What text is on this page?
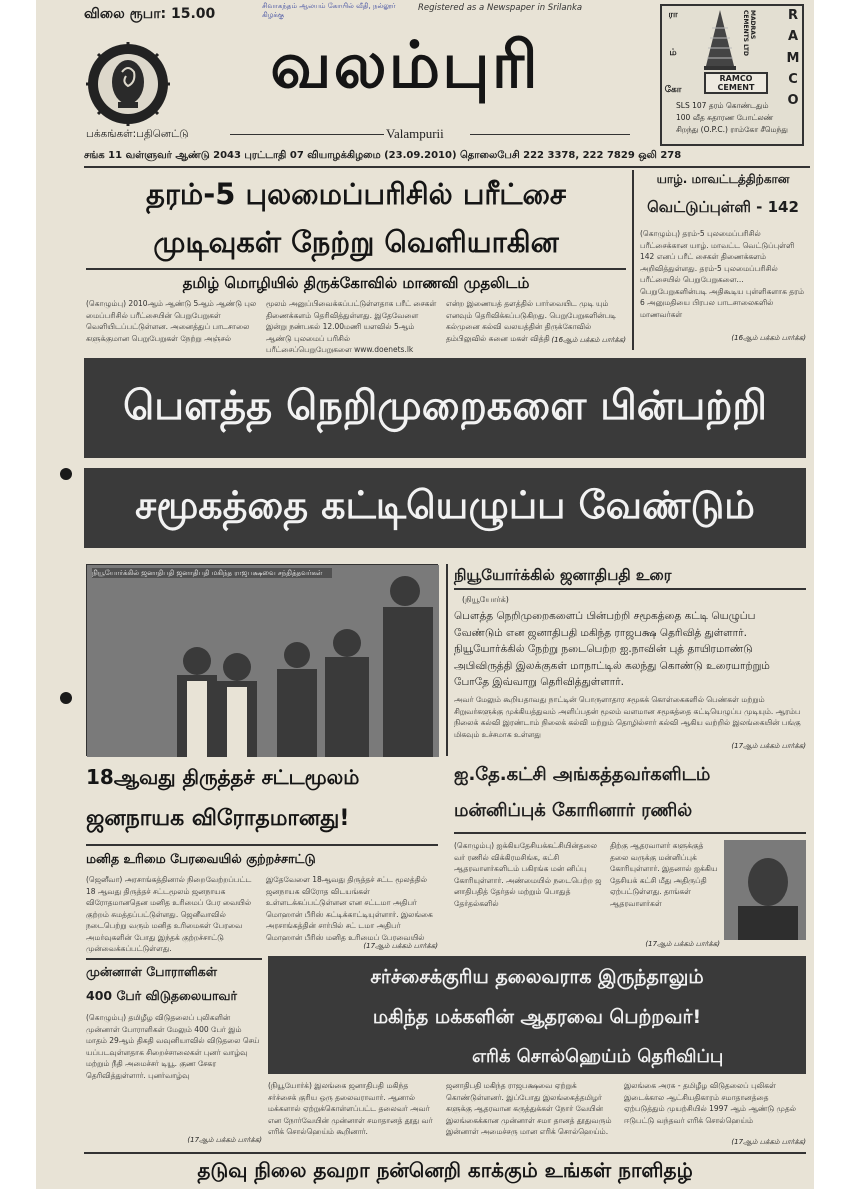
விலை ரூபா: 15.00	சிவாகந்தம் ஆலயம் கோயில் வீதி, நல்லூர் கிழக்கு
Registered as a Newspaper in Srilanka
வலம்புரி
பக்கங்கள்:பதினெட்டு	Valampurii
சங்க 11 வள்ளுவர் ஆண்டு 2043 புரட்டாதி 07 வியாழக்கிழமை (23.09.2010) தொலைபேசி 222 3378, 222 7829 ஒலி 278
R
A
M
C
O
ரா
ம்
கோ
MADRAS CEMENTS LTD
RAMCO CEMENT
SLS 107 தரம் கொண்டதும்
100 வீத சுதாரண போட்லண்
சிறந்து (O.P.C.) ராம்கோ சீமெந்து
தரம்-5 புலமைப்பரிசில் பரீட்சை
முடிவுகள் நேற்று வெளியாகின
தமிழ் மொழியில் திருக்கோவில் மாணவி முதலிடம்
(கொழும்பு) 2010ஆம் ஆண்டு 5ஆம் ஆண்டு புல மைப்பரிசில் பரீட்சையின் பெறுபேறுகள் வெளியிடப்பட்டுள்ளன. அனைத்துப் பாடசாலை களுக்குமான பெறுபேறுகள் நேற்று அஞ்சல்
மூலம் அனுப்பிவைக்கப்பட்டுள்ளதாக பரீட் சைகள் திணைக்களம் தெரிவித்துள்ளது. இதேவேளை இன்று நண்பகல் 12.00மணி யளவில் 5ஆம் ஆண்டு புலமைப் பரிசில் பரீட்சைப்பெறுபேறுகளை www.doenets.lk
என்ற இணையத் தளத்தில் பார்வையிட முடி யும் எனவும் தெரிவிக்கப்படுகிறது. பெறுபேறுகளின்படி கல்முனை கல்வி வலயத்தின் திருக்கோவில் தம்பிலுவில் சுனை மகள் வித்தி (16ஆம் பக்கம் பார்க்க)
யாழ். மாவட்டத்திற்கான
வெட்டுப்புள்ளி - 142
(கொழும்பு) தரம்-5 புலமைப்பரிசில் பரீட்சைக்கான யாழ். மாவட்ட வெட்டுப்புள்ளி 142 எனப் பரீட் சைகள் திணைக்களம் அறிவித்துள்ளது. தரம்-5 புலமைப்பரிசில் பரீட்சையில் பெறுபேறுகளை... பெறுபேறுகளின்படி அதிகூடிய புள்ளிகளாக தரம் 6 அனுமதியை பிரபல பாடசாலைகளில் மாணவர்கள்
(16ஆம் பக்கம் பார்க்க)
பௌத்த நெறிமுறைகளை பின்பற்றி
சமூகத்தை கட்டியெழுப்ப வேண்டும்
நியூயோர்க்கில் ஜனாதிபதி ஜனாதிபதி மகிந்த ராஜபக்ஷவை சந்தித்தவர்கள்	நியூயோர்க்கில் ஜனாதிபதி உரை
(நியூயோர்க்)
பௌத்த நெறிமுறைகளைப் பின்பற்றி சமூகத்தை கட்டி யெழுப்ப வேண்டும் என ஜனாதிபதி மகிந்த ராஜபக்ஷ தெரிவித் துள்ளார். நியூயோர்க்கில் நேற்று நடைபெற்ற ஐ.நாவின் புத் தாயிரமாண்டு அபிவிருத்தி இலக்குகள் மாநாட்டில் கலந்து கொண்டு உரையாற்றும் போதே இவ்வாறு தெரிவித்துள்ளார்.
அவர் மேலும் கூறியதாவது நாட்டின் பொருளாதார சமூகக் கொள்கைகளில் பெண்கள் மற்றும் சிறுவர்களுக்கு முக்கியத்துவம் அளிப்பதன் மூலம் வளமான சமூகத்தை கட்டியெழுப்ப முடியும். ஆரம்ப நிலைக் கல்வி இரண்டாம் நிலைக் கல்வி மற்றும் தொழில்சார் கல்வி ஆகிய வற்றில் இலங்கையின் பங்கு மிகவும் உச்சமாக உள்ளது
(17ஆம் பக்கம் பார்க்க)
18ஆவது திருத்தச் சட்டமூலம்
ஜனநாயக விரோதமானது!
மனித உரிமை பேரவையில் குற்றச்சாட்டு
(ஜெனீவா) அரசாங்கத்தினால் நிறைவேற்றப்பட்ட 18 ஆவது திருத்தச் சட்டமூலம் ஜனநாயக விரோதமானதென மனித உரிமைப் பேர வையில் குற்றம் சுமத்தப்பட்டுள்ளது. ஜெனீவாவில் நடைபெற்று வரும் மனித உரிமைகள் பேரவை அமர்வுகளின் போது இந்தக் குற்றச்சாட்டு முன்வைக்கப்பட்டுள்ளது.
இதேவேளை 18ஆவது திருத்தச் சட்ட மூலத்தில் ஜனநாயக விரோத விடயங்கள் உள்ளடக்கப்பட்டுள்ளன என சட்டமா அதிபர் மொஹான் பீரிஸ் சுட்டிக்காட்டியுள்ளார். இலங்கை அரசாங்கத்தின் சார்பில் சட் டமா அதிபர் மொஹான் பீரிஸ் மனித உரிமைப் பேரவையில்
(17ஆம் பக்கம் பார்க்க)
ஐ.தே.கட்சி அங்கத்தவர்களிடம்
மன்னிப்புக் கோரினார் ரணில்
(கொழும்பு) ஐக்கியதேசியக்கட்சியின்தலை வர் ரணில் விக்கிரமசிங்க, கட்சி ஆதரவாளர்களிடம் பகிரங்க மன் னிப்பு கோரியுள்ளார். அண்மையில் நடைபெற்ற ஜ னாதிபதித் தேர்தல் மற்றும் பொதுத் தேர்தல்களில்
திற்கு ஆதரவாளர் களுக்குத் தலை வருக்கு மன்னிப்புக் கோரியுள்ளார். இதனால் ஐக்கிய தேசியக் கட்சி மீது அதிருப்தி ஏற்பட்டுள்ளது. தாங்கள் ஆதரவாளர்கள்
(17ஆம் பக்கம் பார்க்க)
சர்ச்சைக்குரிய தலைவராக இருந்தாலும்
மகிந்த மக்களின் ஆதரவை பெற்றவர்!
எரிக் சொல்ஹெய்ம் தெரிவிப்பு
(நியூயோர்க்) இலங்கை ஜனாதிபதி மகிந்த சர்ச்சைக் குரிய ஒரு தலைவராவார். ஆனால் மக்களால் ஏற்றுக்கொள்ளப்பட்ட தலைவர் அவர் என நோர்வேயின் முன்னாள் சமாதானத் தூது வர் எரிக் சொல்ஹெய்ம் கூறினார்.
ஜனாதிபதி மகிந்த ராஜபக்ஷவை ஏற்றுக் கொண்டுள்ளனர். இப்போது இலங்கைத்தமிழர் களுக்கு ஆதரவான கருத்துக்கள் நோர் வேயின் இலங்கைக்கான முன்னாள் சமா தானத் தூதுவரும் இன்னாள் அமைச்சரு மான எரிக் சொல்ஹெய்ம்.
இலங்கை அரசு - தமிழீழ விடுதலைப் புலிகள் இடைக்கால ஆட்சியதிகாரம் சமாதானத்தை ஏற்படுத்தும் முயற்சியில் 1997 ஆம் ஆண்டு முதல் ஈடுபட்டு வந்தவர் எரிக் சொல்ஹெய்ம்
(17ஆம் பக்கம் பார்க்க)
முன்னாள் போராளிகள்
400 பேர் விடுதலையாவர்
(கொழும்பு) தமிழீழ விடுதலைப் புலிகளின் முன்னாள் போராளிகள் மேலும் 400 பேர் இம் மாதம் 29ஆம் திகதி வவுனியாவில் விடுதலை செய் யப்படவுள்ளதாக சிறைச்சாலைகள் புனர் வாழ்வு மற்றும் நீதி அமைச்சர் டியூ. குண சேகர தெரிவித்துள்ளார். புனர்வாழ்வு
(17ஆம் பக்கம் பார்க்க)
தடுவு நிலை தவறா நன்னெறி காக்கும் உங்கள் நாளிதழ்
